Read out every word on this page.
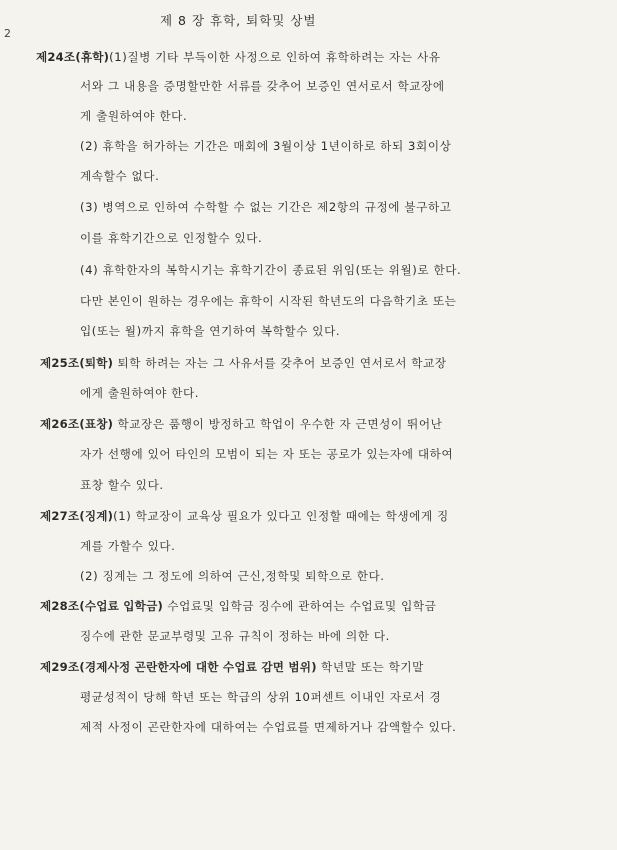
2
제 8 장 휴학, 퇴학및 상벌
제24조(휴학)(1)질병 기타 부득이한 사정으로 인하여 휴학하려는 자는 사유
서와 그 내용을 증명할만한 서류를 갖추어 보증인 연서로서 학교장에
게 출원하여야 한다.
(2) 휴학을 허가하는 기간은 매회에 3월이상 1년이하로 하되 3회이상
계속할수 없다.
(3) 병역으로 인하여 수학할 수 없는 기간은 제2항의 규정에 불구하고
이를 휴학기간으로 인정할수 있다.
(4) 휴학한자의 복학시기는 휴학기간이 종료된 위임(또는 위월)로 한다.
다만 본인이 원하는 경우에는 휴학이 시작된 학년도의 다음학기초 또는
입(또는 월)까지 휴학을 연기하여 복학할수 있다.
제25조(퇴학) 퇴학 하려는 자는 그 사유서를 갖추어 보증인 연서로서 학교장
에게 출원하여야 한다.
제26조(표창) 학교장은 품행이 방정하고 학업이 우수한 자 근면성이 뛰어난
자가 선행에 있어 타인의 모범이 되는 자 또는 공로가 있는자에 대하여
표창 할수 있다.
제27조(징계)(1) 학교장이 교육상 필요가 있다고 인정할 때에는 학생에게 징
계를 가할수 있다.
(2) 징계는 그 정도에 의하여 근신,정학및 퇴학으로 한다.
제28조(수업료 입학금) 수업료및 입학금 징수에 관하여는 수업료및 입학금
징수에 관한 문교부령및 고유 규칙이 정하는 바에 의한 다.
제29조(경제사정 곤란한자에 대한 수업료 감면 범위) 학년말 또는 학기말
평균성적이 당해 학년 또는 학급의 상위 10퍼센트 이내인 자로서 경
제적 사정이 곤란한자에 대하여는 수업료를 면제하거나 감액할수 있다.
